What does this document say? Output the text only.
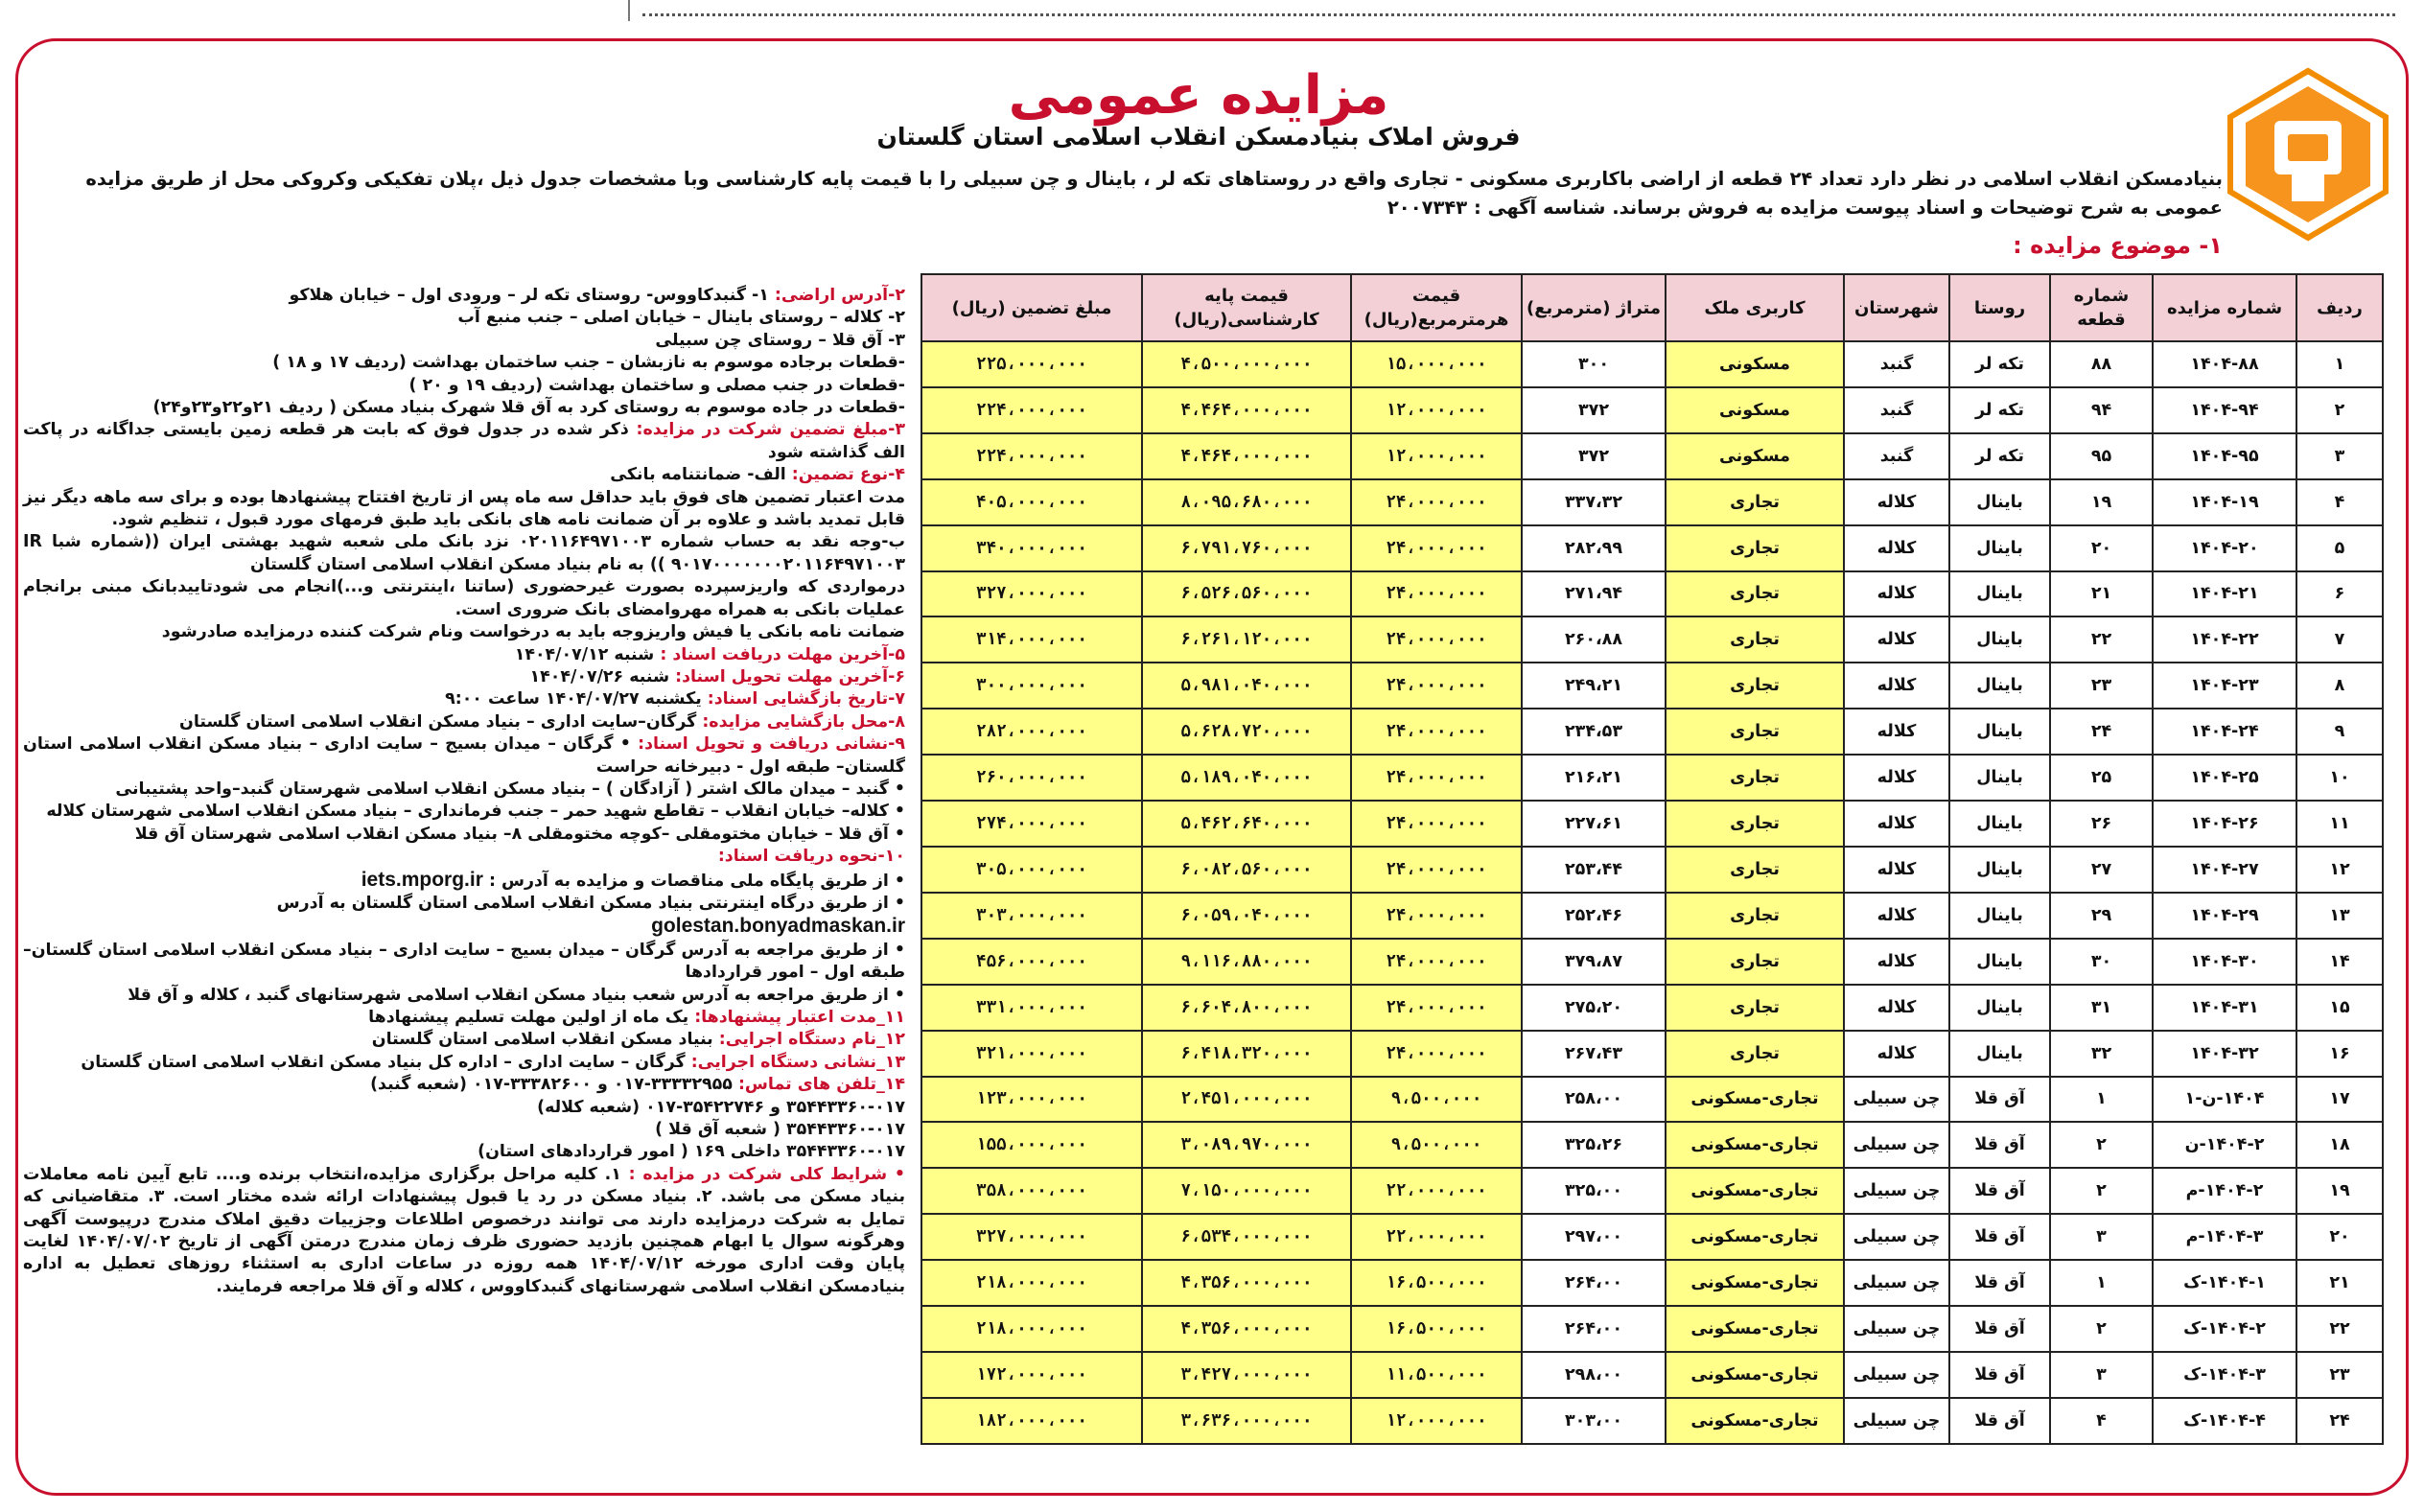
مزایده عمومی
فروش املاک بنیادمسکن انقلاب اسلامی استان گلستان
بنیادمسکن انقلاب اسلامی در نظر دارد تعداد ۲۴ قطعه از اراضی باکاربری مسکونی - تجاری واقع در روستاهای تکه لر ، باینال و چن سبیلی را با قیمت پایه کارشناسی وبا مشخصات جدول ذیل ،پلان تفکیکی وکروکی محل از طریق مزایده عمومی به شرح توضیحات و اسناد پیوست مزایده به فروش برساند. شناسه آگهی : ۲۰۰۷۳۴۳
۱- موضوع مزایده :
ردیف	شماره مزایده	شماره قطعه	روستا	شهرستان	کاربری ملک	متراژ (مترمربع)	قیمت هرمترمربع(ریال)	قیمت پایه کارشناسی(ریال)	مبلغ تضمین (ریال)
۱	۱۴۰۴-۸۸	۸۸	تکه لر	گنبد	مسکونی	۳۰۰	۱۵،۰۰۰،۰۰۰	۴،۵۰۰،۰۰۰،۰۰۰	۲۲۵،۰۰۰،۰۰۰
۲	۱۴۰۴-۹۴	۹۴	تکه لر	گنبد	مسکونی	۳۷۲	۱۲،۰۰۰،۰۰۰	۴،۴۶۴،۰۰۰،۰۰۰	۲۲۴،۰۰۰،۰۰۰
۳	۱۴۰۴-۹۵	۹۵	تکه لر	گنبد	مسکونی	۳۷۲	۱۲،۰۰۰،۰۰۰	۴،۴۶۴،۰۰۰،۰۰۰	۲۲۴،۰۰۰،۰۰۰
۴	۱۴۰۴-۱۹	۱۹	باینال	کلاله	تجاری	۳۳۷،۳۲	۲۴،۰۰۰،۰۰۰	۸،۰۹۵،۶۸۰،۰۰۰	۴۰۵،۰۰۰،۰۰۰
۵	۱۴۰۴-۲۰	۲۰	باینال	کلاله	تجاری	۲۸۲،۹۹	۲۴،۰۰۰،۰۰۰	۶،۷۹۱،۷۶۰،۰۰۰	۳۴۰،۰۰۰،۰۰۰
۶	۱۴۰۴-۲۱	۲۱	باینال	کلاله	تجاری	۲۷۱،۹۴	۲۴،۰۰۰،۰۰۰	۶،۵۲۶،۵۶۰،۰۰۰	۳۲۷،۰۰۰،۰۰۰
۷	۱۴۰۴-۲۲	۲۲	باینال	کلاله	تجاری	۲۶۰،۸۸	۲۴،۰۰۰،۰۰۰	۶،۲۶۱،۱۲۰،۰۰۰	۳۱۴،۰۰۰،۰۰۰
۸	۱۴۰۴-۲۳	۲۳	باینال	کلاله	تجاری	۲۴۹،۲۱	۲۴،۰۰۰،۰۰۰	۵،۹۸۱،۰۴۰،۰۰۰	۳۰۰،۰۰۰،۰۰۰
۹	۱۴۰۴-۲۴	۲۴	باینال	کلاله	تجاری	۲۳۴،۵۳	۲۴،۰۰۰،۰۰۰	۵،۶۲۸،۷۲۰،۰۰۰	۲۸۲،۰۰۰،۰۰۰
۱۰	۱۴۰۴-۲۵	۲۵	باینال	کلاله	تجاری	۲۱۶،۲۱	۲۴،۰۰۰،۰۰۰	۵،۱۸۹،۰۴۰،۰۰۰	۲۶۰،۰۰۰،۰۰۰
۱۱	۱۴۰۴-۲۶	۲۶	باینال	کلاله	تجاری	۲۲۷،۶۱	۲۴،۰۰۰،۰۰۰	۵،۴۶۲،۶۴۰،۰۰۰	۲۷۴،۰۰۰،۰۰۰
۱۲	۱۴۰۴-۲۷	۲۷	باینال	کلاله	تجاری	۲۵۳،۴۴	۲۴،۰۰۰،۰۰۰	۶،۰۸۲،۵۶۰،۰۰۰	۳۰۵،۰۰۰،۰۰۰
۱۳	۱۴۰۴-۲۹	۲۹	باینال	کلاله	تجاری	۲۵۲،۴۶	۲۴،۰۰۰،۰۰۰	۶،۰۵۹،۰۴۰،۰۰۰	۳۰۳،۰۰۰،۰۰۰
۱۴	۱۴۰۴-۳۰	۳۰	باینال	کلاله	تجاری	۳۷۹،۸۷	۲۴،۰۰۰،۰۰۰	۹،۱۱۶،۸۸۰،۰۰۰	۴۵۶،۰۰۰،۰۰۰
۱۵	۱۴۰۴-۳۱	۳۱	باینال	کلاله	تجاری	۲۷۵،۲۰	۲۴،۰۰۰،۰۰۰	۶،۶۰۴،۸۰۰،۰۰۰	۳۳۱،۰۰۰،۰۰۰
۱۶	۱۴۰۴-۳۲	۳۲	باینال	کلاله	تجاری	۲۶۷،۴۳	۲۴،۰۰۰،۰۰۰	۶،۴۱۸،۳۲۰،۰۰۰	۳۲۱،۰۰۰،۰۰۰
۱۷	۱۴۰۴-ن-۱	۱	آق قلا	چن سبیلی	تجاری-مسکونی	۲۵۸،۰۰	۹،۵۰۰،۰۰۰	۲،۴۵۱،۰۰۰،۰۰۰	۱۲۳،۰۰۰،۰۰۰
۱۸	۱۴۰۴-۲-ن	۲	آق قلا	چن سبیلی	تجاری-مسکونی	۳۲۵،۲۶	۹،۵۰۰،۰۰۰	۳،۰۸۹،۹۷۰،۰۰۰	۱۵۵،۰۰۰،۰۰۰
۱۹	۱۴۰۴-۲-م	۲	آق قلا	چن سبیلی	تجاری-مسکونی	۳۲۵،۰۰	۲۲،۰۰۰،۰۰۰	۷،۱۵۰،۰۰۰،۰۰۰	۳۵۸،۰۰۰،۰۰۰
۲۰	۱۴۰۴-۳-م	۳	آق قلا	چن سبیلی	تجاری-مسکونی	۲۹۷،۰۰	۲۲،۰۰۰،۰۰۰	۶،۵۳۴،۰۰۰،۰۰۰	۳۲۷،۰۰۰،۰۰۰
۲۱	۱۴۰۴-۱-ک	۱	آق قلا	چن سبیلی	تجاری-مسکونی	۲۶۴،۰۰	۱۶،۵۰۰،۰۰۰	۴،۳۵۶،۰۰۰،۰۰۰	۲۱۸،۰۰۰،۰۰۰
۲۲	۱۴۰۴-۲-ک	۲	آق قلا	چن سبیلی	تجاری-مسکونی	۲۶۴،۰۰	۱۶،۵۰۰،۰۰۰	۴،۳۵۶،۰۰۰،۰۰۰	۲۱۸،۰۰۰،۰۰۰
۲۳	۱۴۰۴-۳-ک	۳	آق قلا	چن سبیلی	تجاری-مسکونی	۲۹۸،۰۰	۱۱،۵۰۰،۰۰۰	۳،۴۲۷،۰۰۰،۰۰۰	۱۷۲،۰۰۰،۰۰۰
۲۴	۱۴۰۴-۴-ک	۴	آق قلا	چن سبیلی	تجاری-مسکونی	۳۰۳،۰۰	۱۲،۰۰۰،۰۰۰	۳،۶۳۶،۰۰۰،۰۰۰	۱۸۲،۰۰۰،۰۰۰

۲-آدرس اراضی: ۱- گنبدکاووس- روستای تکه لر – ورودی اول – خیابان هلاکو

۲- کلاله – روستای باینال – خیابان اصلی – جنب منبع آب

۳- آق قلا – روستای چن سبیلی

-قطعات برجاده موسوم به نازبشان – جنب ساختمان بهداشت (ردیف ۱۷ و ۱۸ )

-قطعات در جنب مصلی و ساختمان بهداشت (ردیف ۱۹ و ۲۰ )

-قطعات در جاده موسوم به روستای کرد به آق قلا شهرک بنیاد مسکن ( ردیف ۲۱و۲۲و۲۳و۲۴)

۳-مبلغ تضمین شرکت در مزایده: ذکر شده در جدول فوق که بابت هر قطعه زمین بایستی جداگانه در پاکت الف گذاشته شود

۴-نوع تضمین: الف- ضمانتنامه بانکی

مدت اعتبار تضمین های فوق باید حداقل سه ماه پس از تاریخ افتتاح پیشنهادها بوده و برای سه ماهه دیگر نیز قابل تمدید باشد و علاوه بر آن ضمانت نامه های بانکی باید طبق فرمهای مورد قبول ، تنظیم شود.

ب-وجه نقد به حساب شماره ۰۲۰۱۱۶۴۹۷۱۰۰۳ نزد بانک ملی شعبه شهید بهشتی ایران ((شماره شبا IR ۹۰۱۷۰۰۰۰۰۰۰۲۰۱۱۶۴۹۷۱۰۰۳ )) به نام بنیاد مسکن انقلاب اسلامی استان گلستان

درمواردی که واریزسپرده بصورت غیرحضوری (ساتنا ،اینترنتی و...)انجام می شودتاییدبانک مبنی برانجام عملیات بانکی به همراه مهروامضای بانک ضروری است.

ضمانت نامه بانکی یا فیش واریزوجه باید به درخواست ونام شرکت کننده درمزایده صادرشود

۵-آخرین مهلت دریافت اسناد : شنبه ۱۴۰۴/۰۷/۱۲

۶-آخرین مهلت تحویل اسناد: شنبه ۱۴۰۴/۰۷/۲۶

۷-تاریخ بازگشایی اسناد: یکشنبه ۱۴۰۴/۰۷/۲۷ ساعت ۹:۰۰

۸-محل بازگشایی مزایده: گرگان–سایت اداری – بنیاد مسکن انقلاب اسلامی استان گلستان

۹-نشانی دریافت و تحویل اسناد: • گرگان – میدان بسیج – سایت اداری – بنیاد مسکن انقلاب اسلامی استان گلستان– طبقه اول - دبیرخانه حراست

• گنبد – میدان مالک اشتر ( آزادگان ) – بنیاد مسکن انقلاب اسلامی شهرستان گنبد–واحد پشتیبانی

• کلاله– خیابان انقلاب – تقاطع شهید حمر – جنب فرمانداری – بنیاد مسکن انقلاب اسلامی شهرستان کلاله

• آق قلا – خیابان مختومقلی –کوچه مختومقلی ۸– بنیاد مسکن انقلاب اسلامی شهرستان آق قلا

۱۰-نحوه دریافت اسناد:

• از طریق پایگاه ملی مناقصات و مزایده به آدرس : iets.mporg.ir

• از طریق درگاه اینترنتی بنیاد مسکن انقلاب اسلامی استان گلستان به آدرس

golestan.bonyadmaskan.ir

• از طریق مراجعه به آدرس گرگان – میدان بسیج – سایت اداری – بنیاد مسکن انقلاب اسلامی استان گلستان– طبقه اول – امور قراردادها

• از طریق مراجعه به آدرس شعب بنیاد مسکن انقلاب اسلامی شهرستانهای گنبد ، کلاله و آق قلا

۱۱_مدت اعتبار پیشنهادها: یک ماه از اولین مهلت تسلیم پیشنهادها

۱۲_نام دستگاه اجرایی: بنیاد مسکن انقلاب اسلامی استان گلستان

۱۳_نشانی دستگاه اجرایی: گرگان – سایت اداری – اداره کل بنیاد مسکن انقلاب اسلامی استان گلستان

۱۴_تلفن های تماس: ۳۳۳۳۲۹۵۵-۰۱۷ و ۳۳۳۸۲۶۰۰-۰۱۷ (شعبه گنبد)

۳۵۴۴۳۳۶۰-۰۱۷ و ۳۵۴۲۲۷۴۶-۰۱۷ (شعبه کلاله)

۳۵۴۴۳۳۶۰-۰۱۷ ( شعبه آق قلا )

۳۵۴۴۳۳۶۰-۰۱۷ داخلی ۱۶۹ ( امور قراردادهای استان)

• شرایط کلی شرکت در مزایده : ۱. کلیه مراحل برگزاری مزایده،انتخاب برنده و.... تابع آیین نامه معاملات بنیاد مسکن می باشد. ۲. بنیاد مسکن در رد یا قبول پیشنهادات ارائه شده مختار است. ۳. متقاضیانی که تمایل به شرکت درمزایده دارند می توانند درخصوص اطلاعات وجزییات دقیق املاک مندرج درپیوست آگهی وهرگونه سوال یا ابهام همچنین بازدید حضوری ظرف زمان مندرج درمتن آگهی از تاریخ ۱۴۰۴/۰۷/۰۲ لغایت پایان وقت اداری مورخه ۱۴۰۴/۰۷/۱۲ همه روزه در ساعات اداری به استثناء روزهای تعطیل به اداره بنیادمسکن انقلاب اسلامی شهرستانهای گنبدکاووس ، کلاله و آق قلا مراجعه فرمایند.
